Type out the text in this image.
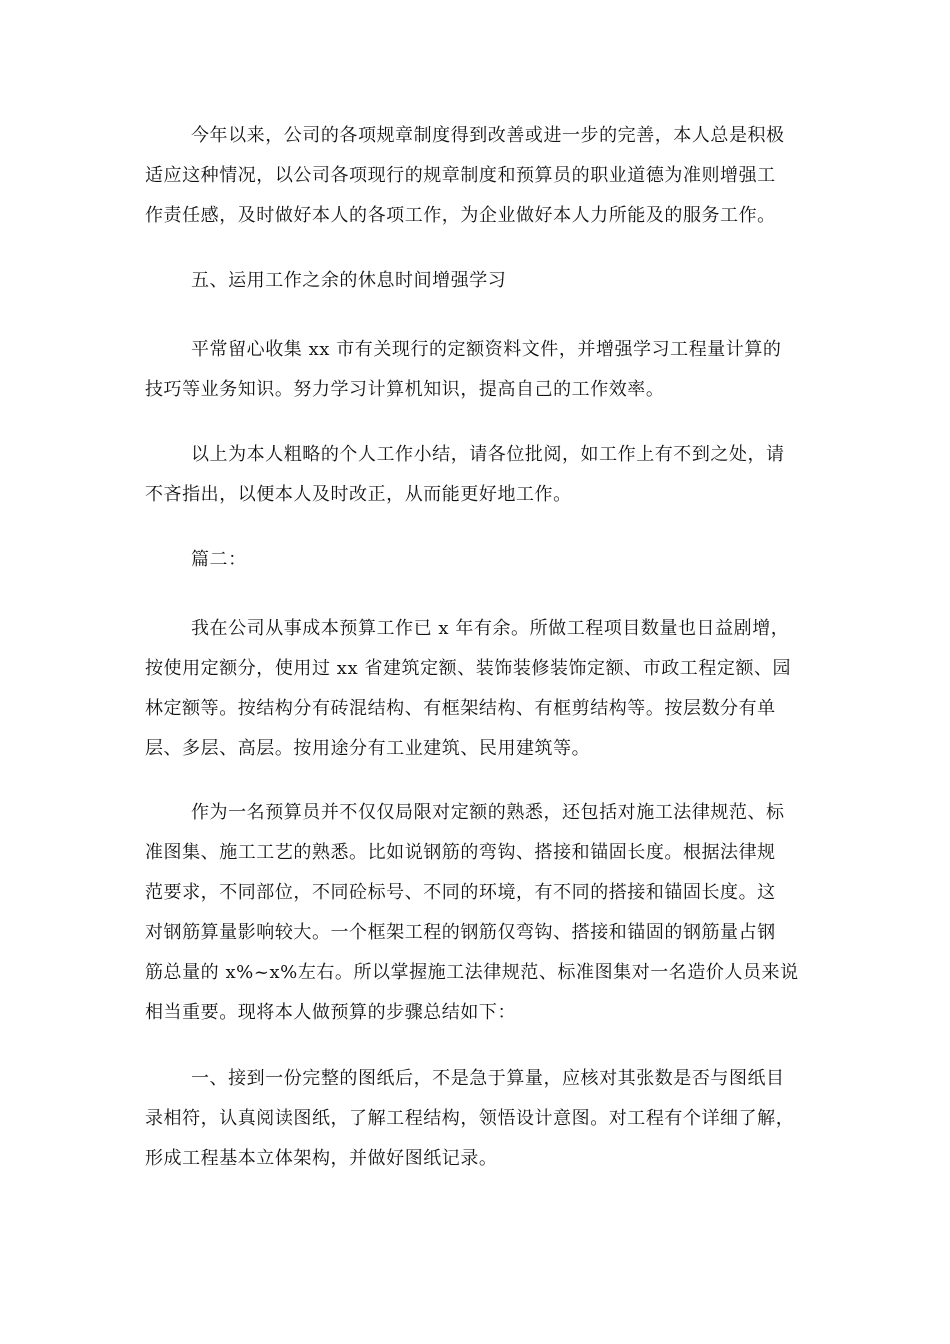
今年以来，公司的各项规章制度得到改善或进一步的完善，本人总是积极
适应这种情况，以公司各项现行的规章制度和预算员的职业道德为准则增强工
作责任感，及时做好本人的各项工作，为企业做好本人力所能及的服务工作。
五、运用工作之余的休息时间增强学习
平常留心收集 xx 市有关现行的定额资料文件，并增强学习工程量计算的
技巧等业务知识。努力学习计算机知识，提高自己的工作效率。
以上为本人粗略的个人工作小结，请各位批阅，如工作上有不到之处，请
不吝指出，以便本人及时改正，从而能更好地工作。
篇二：
我在公司从事成本预算工作已 x 年有余。所做工程项目数量也日益剧增，
按使用定额分，使用过 xx 省建筑定额、装饰装修装饰定额、市政工程定额、园
林定额等。按结构分有砖混结构、有框架结构、有框剪结构等。按层数分有单
层、多层、高层。按用途分有工业建筑、民用建筑等。
作为一名预算员并不仅仅局限对定额的熟悉，还包括对施工法律规范、标
准图集、施工工艺的熟悉。比如说钢筋的弯钩、搭接和锚固长度。根据法律规
范要求，不同部位，不同砼标号、不同的环境，有不同的搭接和锚固长度。这
对钢筋算量影响较大。一个框架工程的钢筋仅弯钩、搭接和锚固的钢筋量占钢
筋总量的 x%~x%左右。所以掌握施工法律规范、标准图集对一名造价人员来说
相当重要。现将本人做预算的步骤总结如下：
一、接到一份完整的图纸后，不是急于算量，应核对其张数是否与图纸目
录相符，认真阅读图纸，了解工程结构，领悟设计意图。对工程有个详细了解，
形成工程基本立体架构，并做好图纸记录。
